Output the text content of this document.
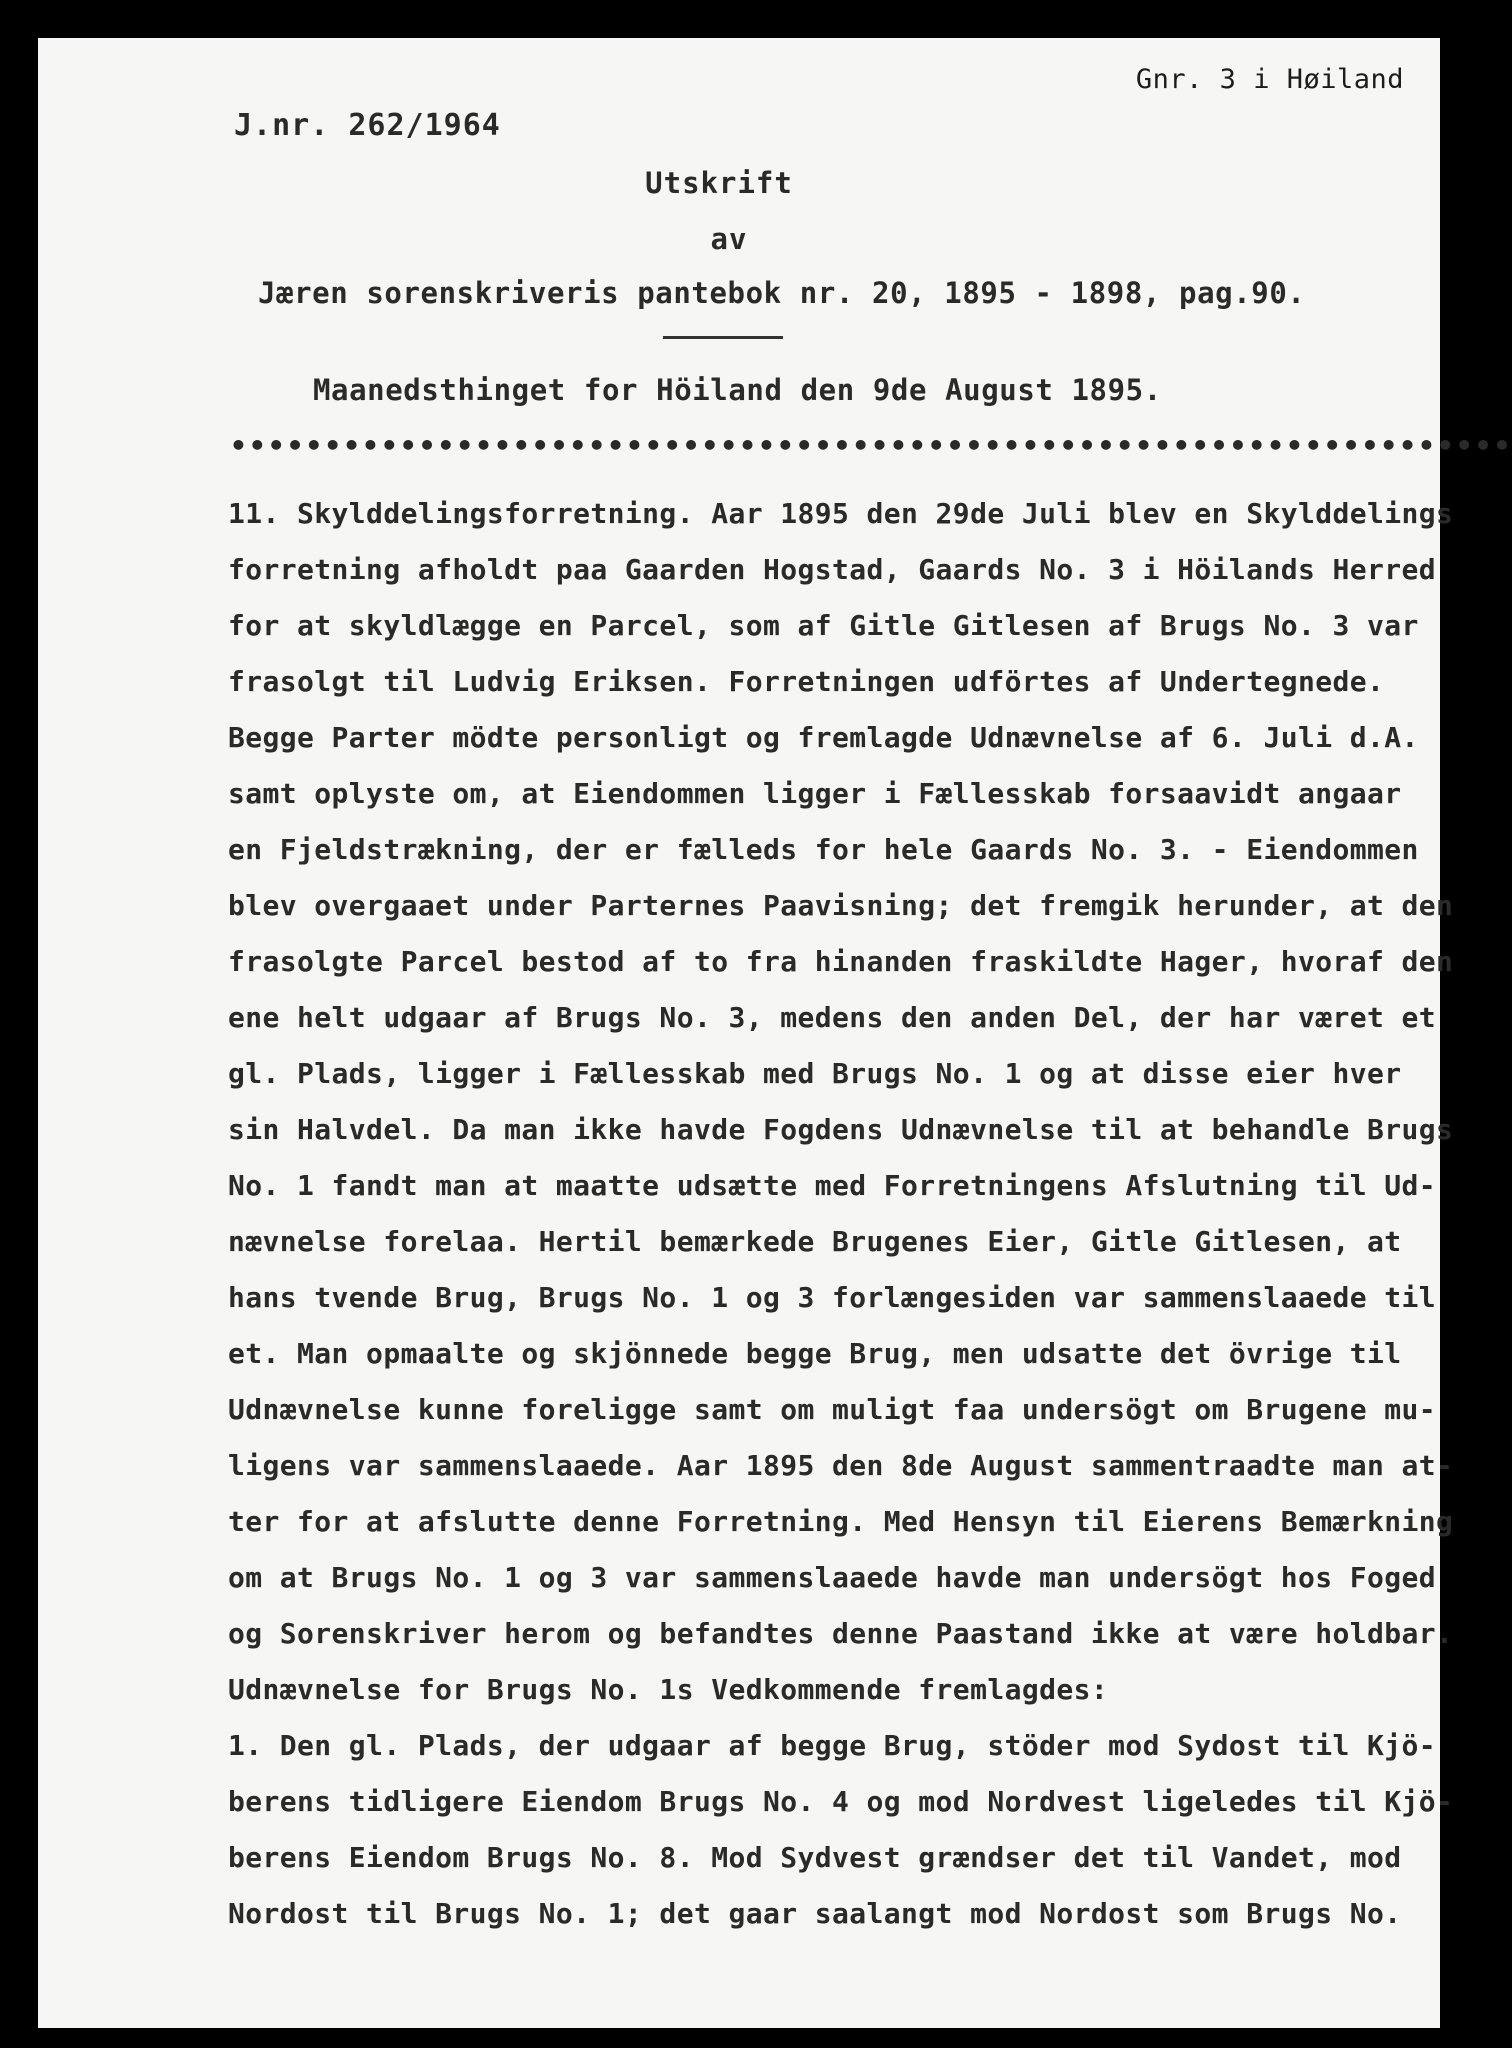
Gnr. 3 i Høiland
J.nr. 262/1964
Utskrift
av
Jæren sorenskriveris pantebok nr. 20, 1895 - 1898, pag.90.
Maanedsthinget for Höiland den 9de August 1895.
••••••••••••••••••••••••••••••••••••••••••••••••••••••••••••••••••••
11. Skylddelingsforretning. Aar 1895 den 29de Juli blev en Skylddelings
forretning afholdt paa Gaarden Hogstad, Gaards No. 3 i Höilands Herred
for at skyldlægge en Parcel, som af Gitle Gitlesen af Brugs No. 3 var
frasolgt til Ludvig Eriksen. Forretningen udförtes af Undertegnede.
Begge Parter mödte personligt og fremlagde Udnævnelse af 6. Juli d.A.
samt oplyste om, at Eiendommen ligger i Fællesskab forsaavidt angaar
en Fjeldstrækning, der er fælleds for hele Gaards No. 3. - Eiendommen
blev overgaaet under Parternes Paavisning; det fremgik herunder, at den
frasolgte Parcel bestod af to fra hinanden fraskildte Hager, hvoraf den
ene helt udgaar af Brugs No. 3, medens den anden Del, der har været et
gl. Plads, ligger i Fællesskab med Brugs No. 1 og at disse eier hver
sin Halvdel. Da man ikke havde Fogdens Udnævnelse til at behandle Brugs
No. 1 fandt man at maatte udsætte med Forretningens Afslutning til Ud-
nævnelse forelaa. Hertil bemærkede Brugenes Eier, Gitle Gitlesen, at
hans tvende Brug, Brugs No. 1 og 3 forlængesiden var sammenslaaede til
et. Man opmaalte og skjönnede begge Brug, men udsatte det övrige til
Udnævnelse kunne foreligge samt om muligt faa undersögt om Brugene mu-
ligens var sammenslaaede. Aar 1895 den 8de August sammentraadte man at-
ter for at afslutte denne Forretning. Med Hensyn til Eierens Bemærkning
om at Brugs No. 1 og 3 var sammenslaaede havde man undersögt hos Foged
og Sorenskriver herom og befandtes denne Paastand ikke at være holdbar.
Udnævnelse for Brugs No. 1s Vedkommende fremlagdes:
1. Den gl. Plads, der udgaar af begge Brug, stöder mod Sydost til Kjö-
berens tidligere Eiendom Brugs No. 4 og mod Nordvest ligeledes til Kjö-
berens Eiendom Brugs No. 8. Mod Sydvest grændser det til Vandet, mod
Nordost til Brugs No. 1; det gaar saalangt mod Nordost som Brugs No.
